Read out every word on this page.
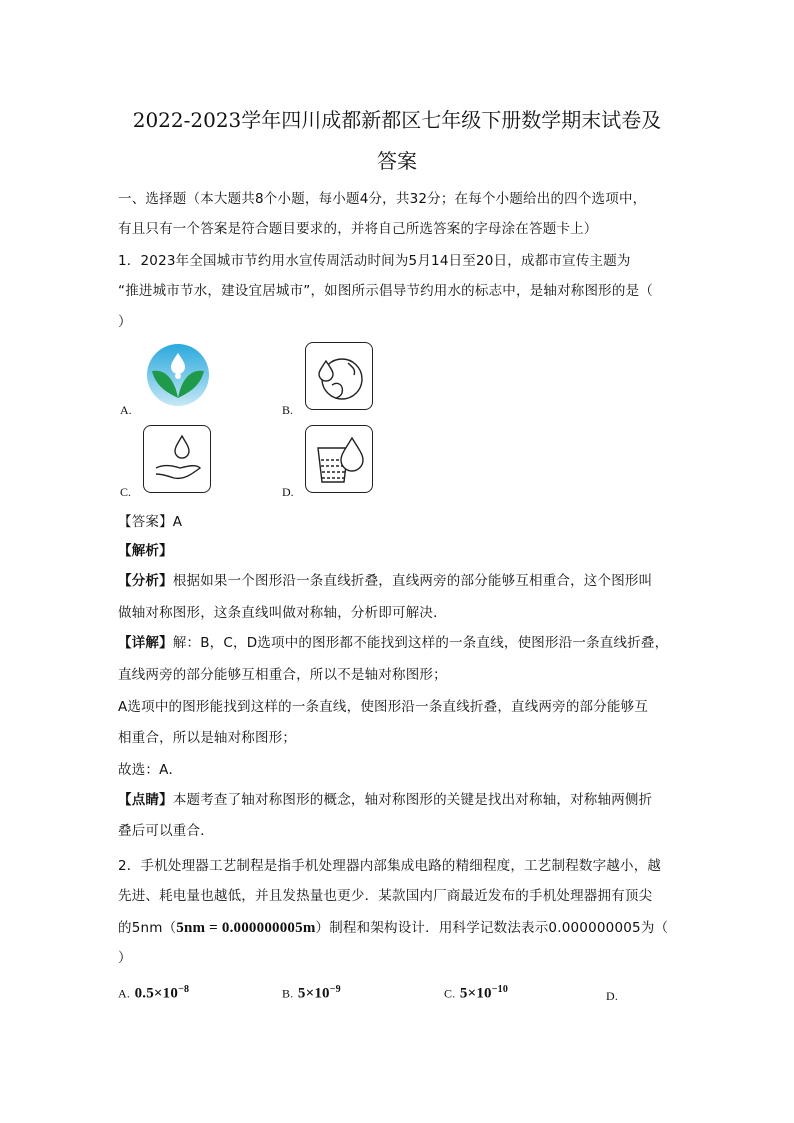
2022-2023学年四川成都新都区七年级下册数学期末试卷及
答案
一、选择题（本大题共8个小题，每小题4分，共32分；在每个小题给出的四个选项中，
有且只有一个答案是符合题目要求的，并将自己所选答案的字母涂在答题卡上）
1．2023年全国城市节约用水宣传周活动时间为5月14日至20日，成都市宣传主题为
“推进城市节水，建设宜居城市”，如图所示倡导节约用水的标志中，是轴对称图形的是（
）
A.	B.
C.	D.
【答案】A
【解析】
【分析】根据如果一个图形沿一条直线折叠，直线两旁的部分能够互相重合，这个图形叫
做轴对称图形，这条直线叫做对称轴，分析即可解决．
【详解】解：B，C，D选项中的图形都不能找到这样的一条直线，使图形沿一条直线折叠，
直线两旁的部分能够互相重合，所以不是轴对称图形；
A选项中的图形能找到这样的一条直线，使图形沿一条直线折叠，直线两旁的部分能够互
相重合，所以是轴对称图形；
故选：A．
【点睛】本题考查了轴对称图形的概念，轴对称图形的关键是找出对称轴，对称轴两侧折
叠后可以重合．
2．手机处理器工艺制程是指手机处理器内部集成电路的精细程度，工艺制程数字越小，越
先进、耗电量也越低，并且发热量也更少．某款国内厂商最近发布的手机处理器拥有顶尖
的5nm（5nm = 0.000000005m）制程和架构设计．用科学记数法表示0.000000005为（
）
A. $0.5\times 10^{-8}$	B. $5\times 10^{-9}$	C. $5\times 10^{-10}$	D.
